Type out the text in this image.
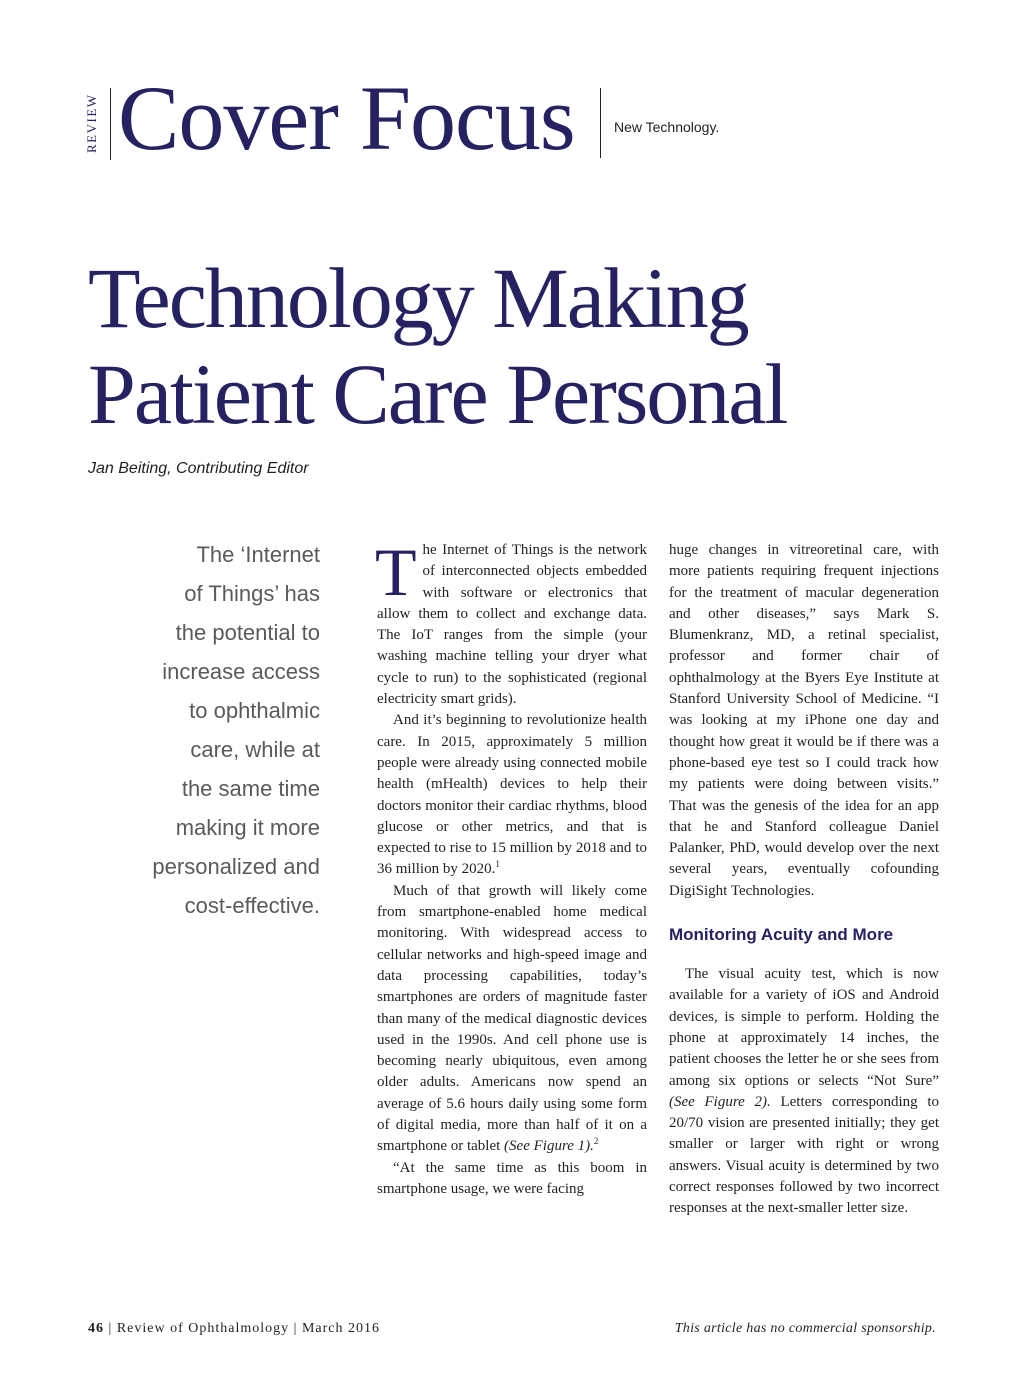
REVIEW Cover Focus	New Technology.
Technology Making
Patient Care Personal
Jan Beiting, Contributing Editor
The ‘Internet
of Things’ has
the potential to
increase access
to ophthalmic
care, while at
the same time
making it more
personalized and
cost-effective.

The Internet of Things is the network of interconnected objects embedded with software or electronics that allow them to collect and exchange data. The IoT ranges from the simple (your washing machine telling your dryer what cycle to run) to the sophisticated (regional electricity smart grids).

And it’s beginning to revolutionize health care. In 2015, approximately 5 million people were already using connected mobile health (mHealth) devices to help their doctors monitor their cardiac rhythms, blood glucose or other metrics, and that is expected to rise to 15 million by 2018 and to 36 million by 2020.$^1$

Much of that growth will likely come from smartphone-enabled home medical monitoring. With widespread access to cellular networks and high-speed image and data processing capabilities, today’s smartphones are orders of magnitude faster than many of the medical diagnostic devices used in the 1990s. And cell phone use is becoming nearly ubiquitous, even among older adults. Americans now spend an average of 5.6 hours daily using some form of digital media, more than half of it on a smartphone or tablet (See Figure 1).$^2$

“At the same time as this boom in smartphone usage, we were facing

huge changes in vitreoretinal care, with more patients requiring frequent injections for the treatment of macular degeneration and other diseases,” says Mark S. Blumenkranz, MD, a retinal specialist, professor and former chair of ophthalmology at the Byers Eye Institute at Stanford University School of Medicine. “I was looking at my iPhone one day and thought how great it would be if there was a phone-based eye test so I could track how my patients were doing between visits.” That was the genesis of the idea for an app that he and Stanford colleague Daniel Palanker, PhD, would develop over the next several years, eventually cofounding DigiSight Technologies.

Monitoring Acuity and More

The visual acuity test, which is now available for a variety of iOS and Android devices, is simple to perform. Holding the phone at approximately 14 inches, the patient chooses the letter he or she sees from among six options or selects “Not Sure” (See Figure 2). Letters corresponding to 20/70 vision are presented initially; they get smaller or larger with right or wrong answers. Visual acuity is determined by two correct responses followed by two incorrect responses at the next-smaller letter size.

46 | Review of Ophthalmology | March 2016	This article has no commercial sponsorship.
